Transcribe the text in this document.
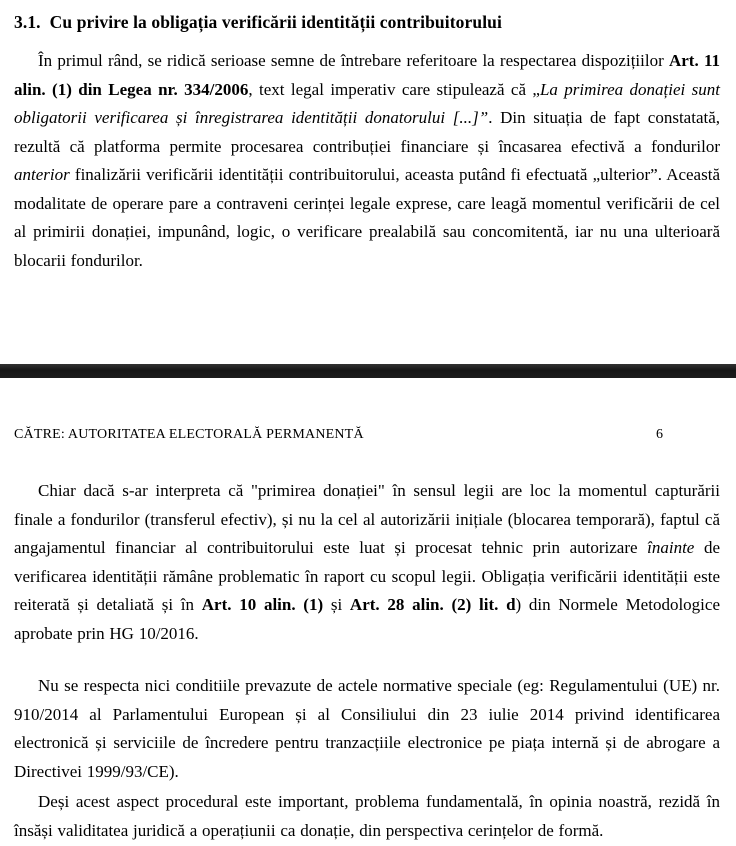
3.1. Cu privire la obligația verificării identității contribuitorului

În primul rând, se ridică serioase semne de întrebare referitoare la respectarea dispozițiilor Art. 11 alin. (1) din Legea nr. 334/2006, text legal imperativ care stipulează că „La primirea donației sunt obligatorii verificarea și înregistrarea identității donatorului [...]”. Din situația de fapt constatată, rezultă că platforma permite procesarea contribuției financiare și încasarea efectivă a fondurilor anterior finalizării verificării identității contribuitorului, aceasta putând fi efectuată „ulterior”. Această modalitate de operare pare a contraveni cerinței legale exprese, care leagă momentul verificării de cel al primirii donației, impunând, logic, o verificare prealabilă sau concomitentă, iar nu una ulterioară blocarii fondurilor.

CĂTRE: AUTORITATEA ELECTORALĂ PERMANENTĂ	6

Chiar dacă s-ar interpreta că "primirea donației" în sensul legii are loc la momentul capturării finale a fondurilor (transferul efectiv), și nu la cel al autorizării inițiale (blocarea temporară), faptul că angajamentul financiar al contribuitorului este luat și procesat tehnic prin autorizare înainte de verificarea identității rămâne problematic în raport cu scopul legii. Obligația verificării identității este reiterată și detaliată și în Art. 10 alin. (1) și Art. 28 alin. (2) lit. d) din Normele Metodologice aprobate prin HG 10/2016.

Nu se respecta nici conditiile prevazute de actele normative speciale (eg: Regulamentului (UE) nr. 910/2014 al Parlamentului European și al Consiliului din 23 iulie 2014 privind identificarea electronică și serviciile de încredere pentru tranzacțiile electronice pe piața internă și de abrogare a Directivei 1999/93/CE).

Deși acest aspect procedural este important, problema fundamentală, în opinia noastră, rezidă în însăși validitatea juridică a operațiunii ca donație, din perspectiva cerințelor de formă.
